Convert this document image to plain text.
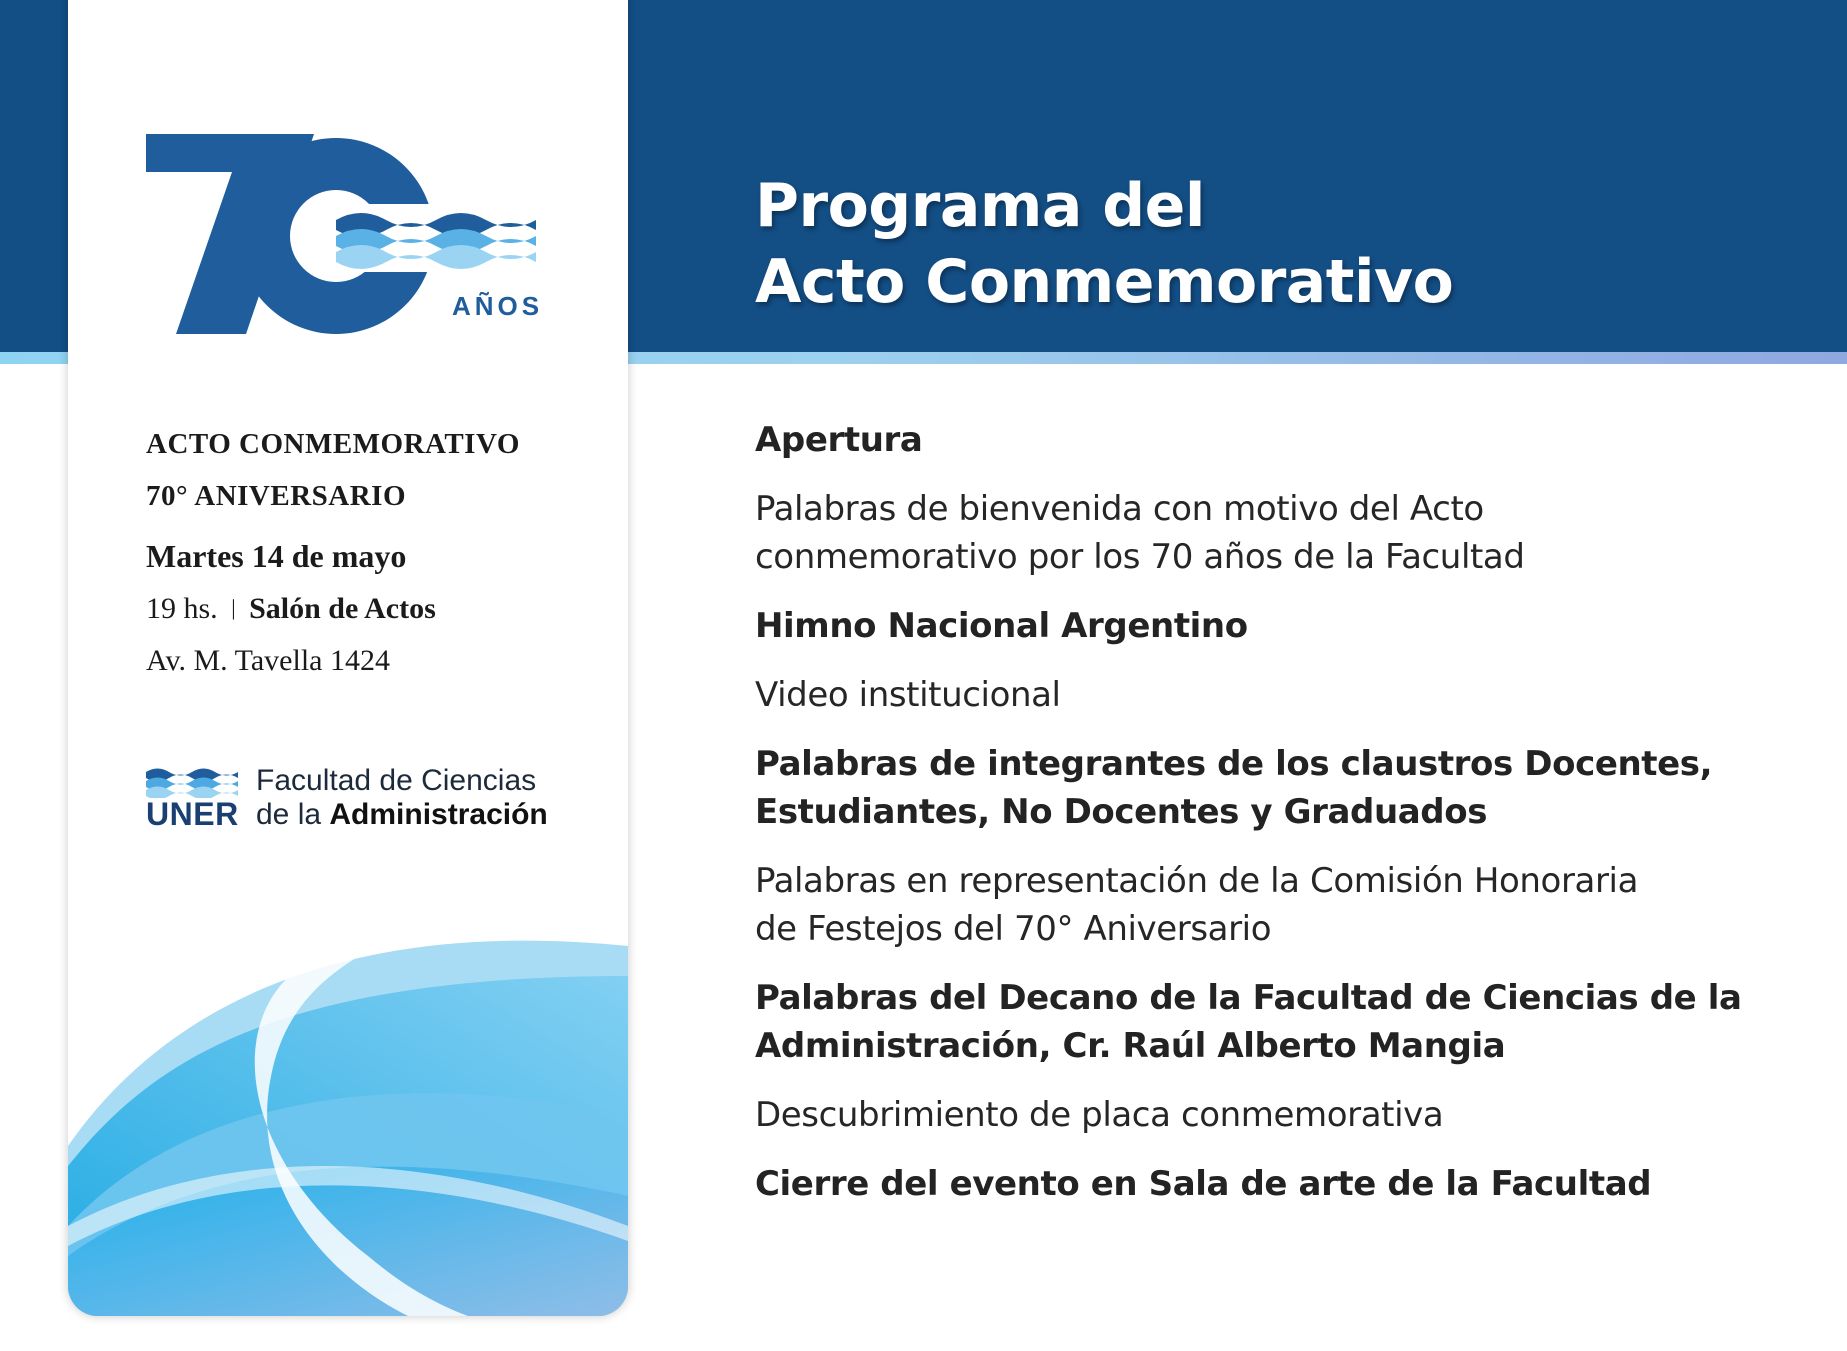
AÑOS
ACTO CONMEMORATIVO
70° ANIVERSARIO
Martes 14 de mayo
19 hs. | Salón de Actos
Av. M. Tavella 1424
UNER
Facultad de Ciencias
de la Administración
Programa del
Acto Conmemorativo
Apertura
Palabras de bienvenida con motivo del Acto
conmemorativo por los 70 años de la Facultad
Himno Nacional Argentino
Video institucional
Palabras de integrantes de los claustros Docentes,
Estudiantes, No Docentes y Graduados
Palabras en representación de la Comisión Honoraria
de Festejos del 70° Aniversario
Palabras del Decano de la Facultad de Ciencias de la
Administración, Cr. Raúl Alberto Mangia
Descubrimiento de placa conmemorativa
Cierre del evento en Sala de arte de la Facultad
